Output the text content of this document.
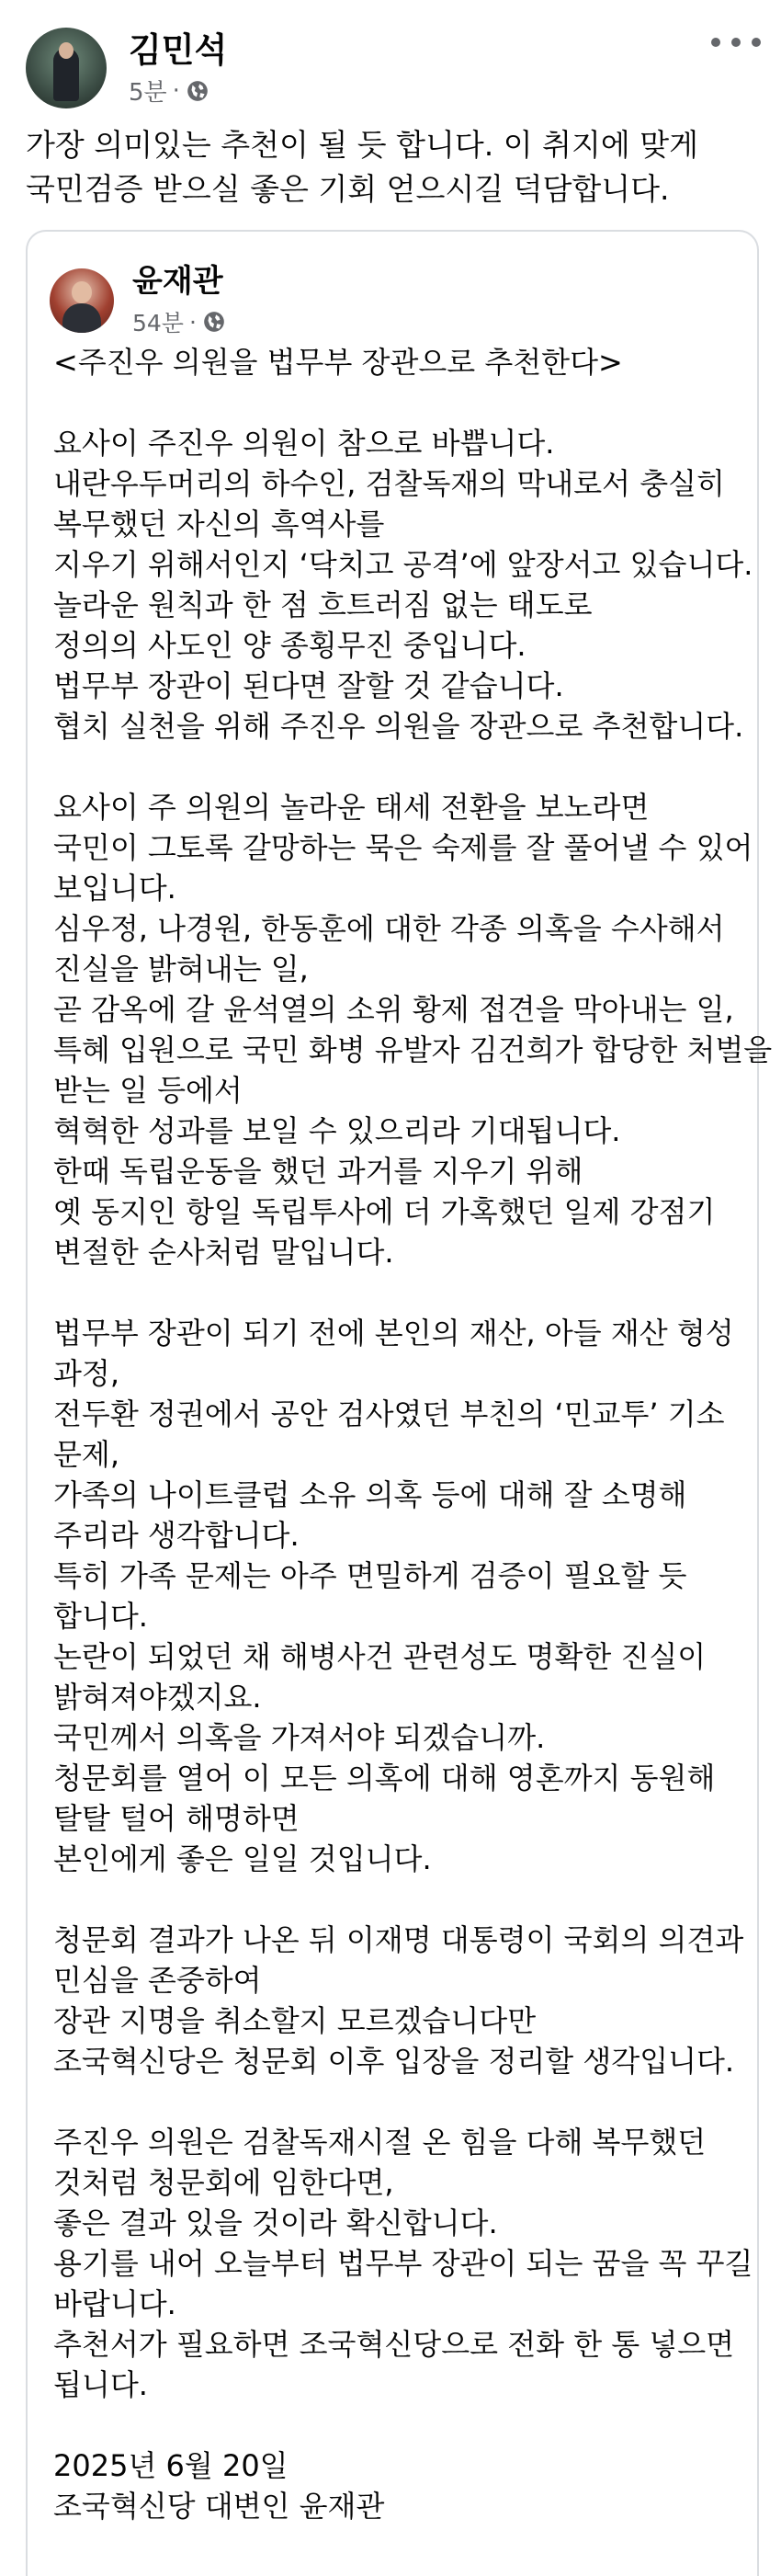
김민석
5분 ·
가장 의미있는 추천이 될 듯 합니다. 이 취지에 맞게
국민검증 받으실 좋은 기회 얻으시길 덕담합니다.
윤재관
54분 ·
<주진우 의원을 법무부 장관으로 추천한다>
요사이 주진우 의원이 참으로 바쁩니다.
내란우두머리의 하수인, 검찰독재의 막내로서 충실히
복무했던 자신의 흑역사를
지우기 위해서인지 ‘닥치고 공격’에 앞장서고 있습니다.
놀라운 원칙과 한 점 흐트러짐 없는 태도로
정의의 사도인 양 종횡무진 중입니다.
법무부 장관이 된다면 잘할 것 같습니다.
협치 실천을 위해 주진우 의원을 장관으로 추천합니다.
요사이 주 의원의 놀라운 태세 전환을 보노라면
국민이 그토록 갈망하는 묵은 숙제를 잘 풀어낼 수 있어
보입니다.
심우정, 나경원, 한동훈에 대한 각종 의혹을 수사해서
진실을 밝혀내는 일,
곧 감옥에 갈 윤석열의 소위 황제 접견을 막아내는 일,
특혜 입원으로 국민 화병 유발자 김건희가 합당한 처벌을
받는 일 등에서
혁혁한 성과를 보일 수 있으리라 기대됩니다.
한때 독립운동을 했던 과거를 지우기 위해
옛 동지인 항일 독립투사에 더 가혹했던 일제 강점기
변절한 순사처럼 말입니다.
법무부 장관이 되기 전에 본인의 재산, 아들 재산 형성
과정,
전두환 정권에서 공안 검사였던 부친의 ‘민교투’ 기소
문제,
가족의 나이트클럽 소유 의혹 등에 대해 잘 소명해
주리라 생각합니다.
특히 가족 문제는 아주 면밀하게 검증이 필요할 듯
합니다.
논란이 되었던 채 해병사건 관련성도 명확한 진실이
밝혀져야겠지요.
국민께서 의혹을 가져서야 되겠습니까.
청문회를 열어 이 모든 의혹에 대해 영혼까지 동원해
탈탈 털어 해명하면
본인에게 좋은 일일 것입니다.
청문회 결과가 나온 뒤 이재명 대통령이 국회의 의견과
민심을 존중하여
장관 지명을 취소할지 모르겠습니다만
조국혁신당은 청문회 이후 입장을 정리할 생각입니다.
주진우 의원은 검찰독재시절 온 힘을 다해 복무했던
것처럼 청문회에 임한다면,
좋은 결과 있을 것이라 확신합니다.
용기를 내어 오늘부터 법무부 장관이 되는 꿈을 꼭 꾸길
바랍니다.
추천서가 필요하면 조국혁신당으로 전화 한 통 넣으면
됩니다.
2025년 6월 20일
조국혁신당 대변인 윤재관
